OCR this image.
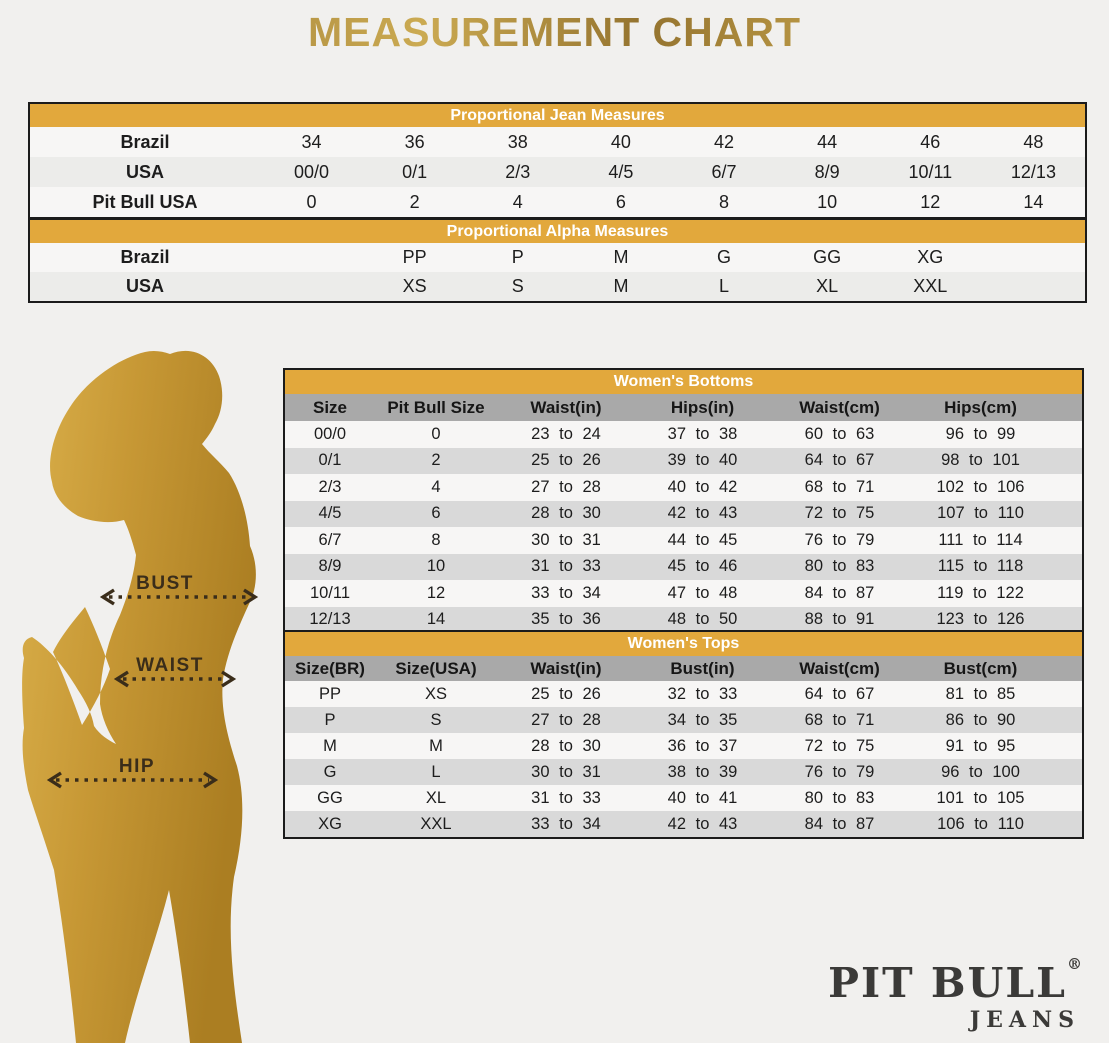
MEASUREMENT CHART
Proportional Jean Measures
Brazil	34	36	38	40	42	44	46	48
USA	00/0	0/1	2/3	4/5	6/7	8/9	10/11	12/13
Pit Bull USA	0	2	4	6	8	10	12	14
Proportional Alpha Measures
Brazil	PP	P	M	G	GG	XG
USA	XS	S	M	L	XL	XXL
BUST
WAIST
HIP
Women's Bottoms
Size	Pit Bull Size	Waist(in)	Hips(in)	Waist(cm)	Hips(cm)
00/0	0	23 to 24	37 to 38	60 to 63	96 to 99
0/1	2	25 to 26	39 to 40	64 to 67	98 to 101
2/3	4	27 to 28	40 to 42	68 to 71	102 to 106
4/5	6	28 to 30	42 to 43	72 to 75	107 to 110
6/7	8	30 to 31	44 to 45	76 to 79	111 to 114
8/9	10	31 to 33	45 to 46	80 to 83	115 to 118
10/11	12	33 to 34	47 to 48	84 to 87	119 to 122
12/13	14	35 to 36	48 to 50	88 to 91	123 to 126
Women's Tops
Size(BR)	Size(USA)	Waist(in)	Bust(in)	Waist(cm)	Bust(cm)
PP	XS	25 to 26	32 to 33	64 to 67	81 to 85
P	S	27 to 28	34 to 35	68 to 71	86 to 90
M	M	28 to 30	36 to 37	72 to 75	91 to 95
G	L	30 to 31	38 to 39	76 to 79	96 to 100
GG	XL	31 to 33	40 to 41	80 to 83	101 to 105
XG	XXL	33 to 34	42 to 43	84 to 87	106 to 110
PIT BULL®
JEANS
